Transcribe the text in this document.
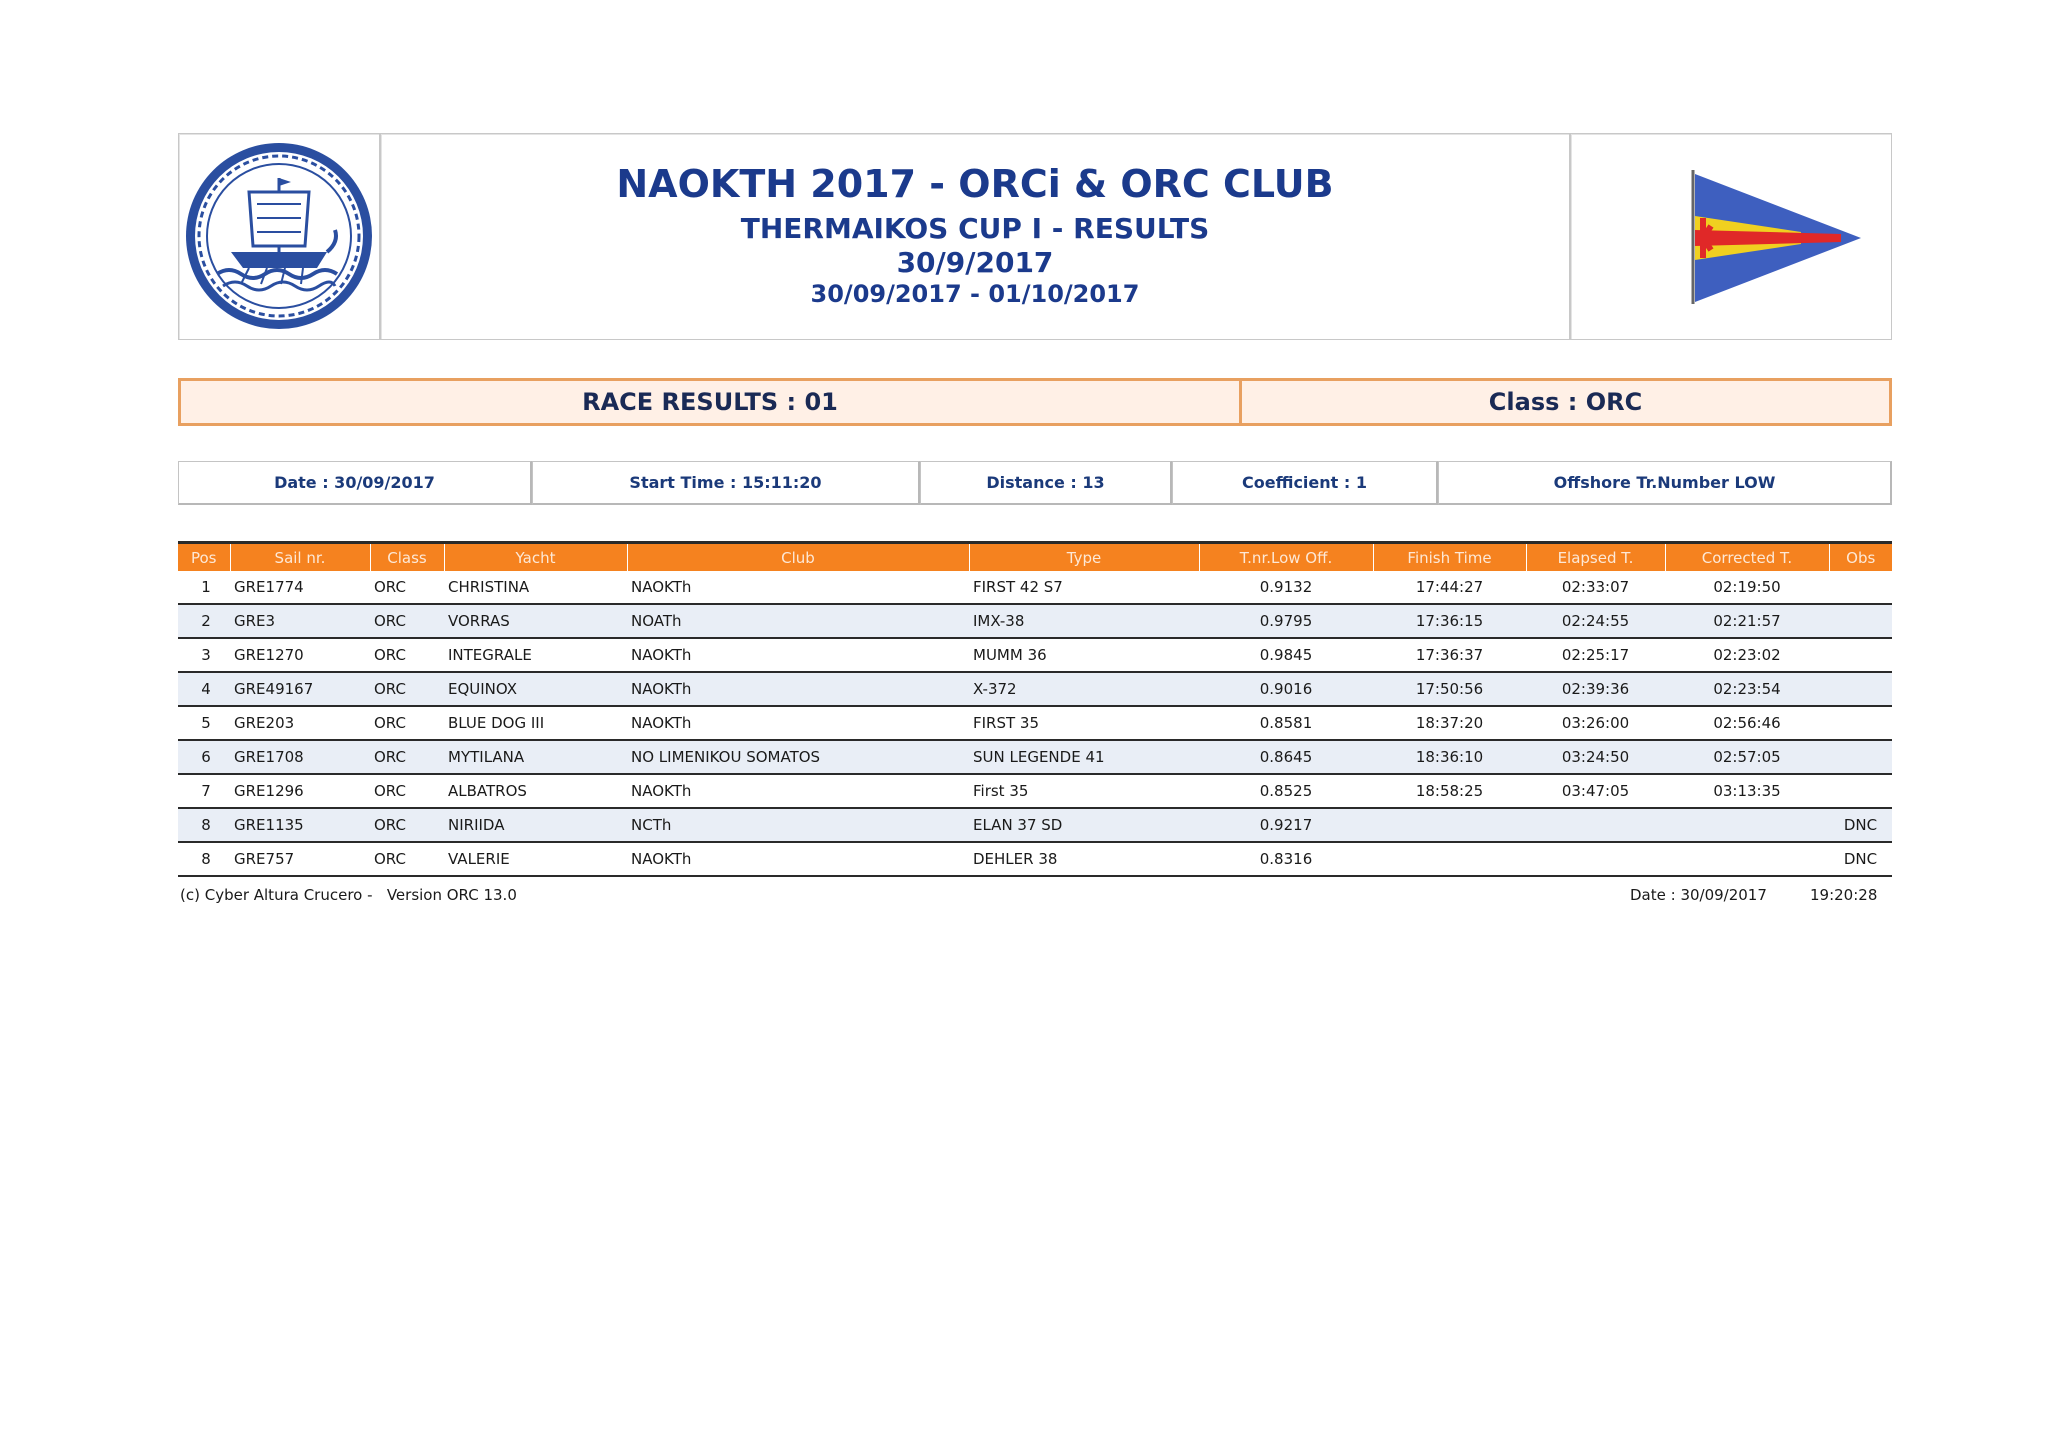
NAOKTH 2017 - ORCi & ORC CLUB
THERMAIKOS CUP I - RESULTS
30/9/2017
30/09/2017 - 01/10/2017
RACE RESULTS : 01	Class : ORC
Date : 30/09/2017	Start Time : 15:11:20	Distance : 13	Coefficient : 1	Offshore Tr.Number LOW
Pos	Sail nr.	Class	Yacht	Club	Type	T.nr.Low Off.	Finish Time	Elapsed T.	Corrected T.	Obs
1	GRE1774	ORC	CHRISTINA	NAOKTh	FIRST 42 S7	0.9132	17:44:27	02:33:07	02:19:50	
2	GRE3	ORC	VORRAS	NOATh	IMX-38	0.9795	17:36:15	02:24:55	02:21:57	
3	GRE1270	ORC	INTEGRALE	NAOKTh	MUMM 36	0.9845	17:36:37	02:25:17	02:23:02	
4	GRE49167	ORC	EQUINOX	NAOKTh	X-372	0.9016	17:50:56	02:39:36	02:23:54	
5	GRE203	ORC	BLUE DOG III	NAOKTh	FIRST 35	0.8581	18:37:20	03:26:00	02:56:46	
6	GRE1708	ORC	MYTILANA	NO LIMENIKOU SOMATOS	SUN LEGENDE 41	0.8645	18:36:10	03:24:50	02:57:05	
7	GRE1296	ORC	ALBATROS	NAOKTh	First 35	0.8525	18:58:25	03:47:05	03:13:35	
8	GRE1135	ORC	NIRIIDA	NCTh	ELAN 37 SD	0.9217				DNC
8	GRE757	ORC	VALERIE	NAOKTh	DEHLER 38	0.8316				DNC
(c) Cyber Altura Crucero -   Version ORC 13.0	Date : 30/09/2017	19:20:28
